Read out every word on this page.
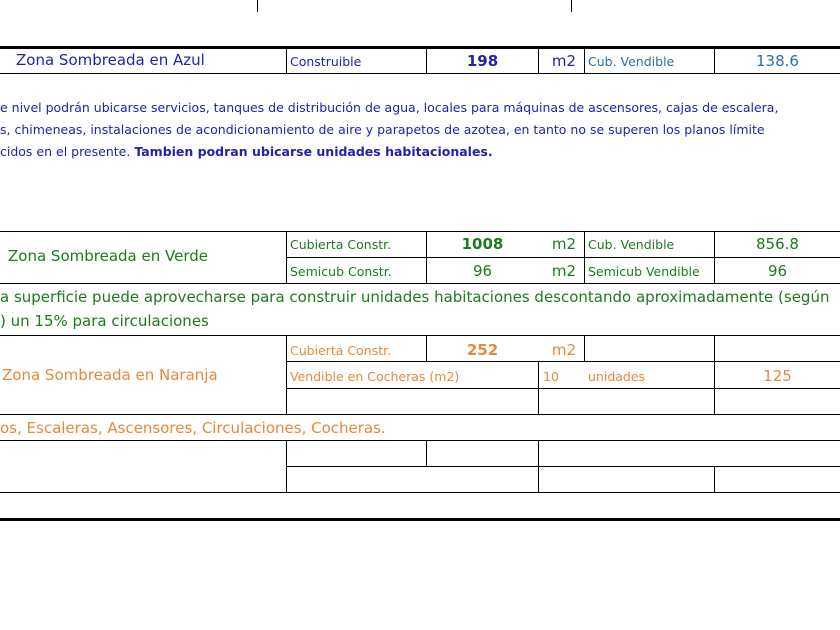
Zona Sombreada en Azul	Construible	198	m2 Cub. Vendible	138.6
e nivel podrán ubicarse servicios, tanques de distribución de agua, locales para máquinas de ascensores, cajas de escalera,
s, chimeneas, instalaciones de acondicionamiento de aire y parapetos de azotea, en tanto no se superen los planos límite
cidos en el presente. Tambien podran ubicarse unidades habitacionales.
Zona Sombreada en Verde
Cubierta Constr.	1008	m2 Cub. Vendible	856.8
Semicub Constr.	96	m2 Semicub Vendible	96
a superficie puede aprovecharse para construir unidades habitaciones descontando aproximadamente (según
) un 15% para circulaciones
Zona Sombreada en Naranja
Cubierta Constr.	252	m2
Vendible en Cocheras (m2)	10 unidades	125
os, Escaleras, Ascensores, Circulaciones, Cocheras.
